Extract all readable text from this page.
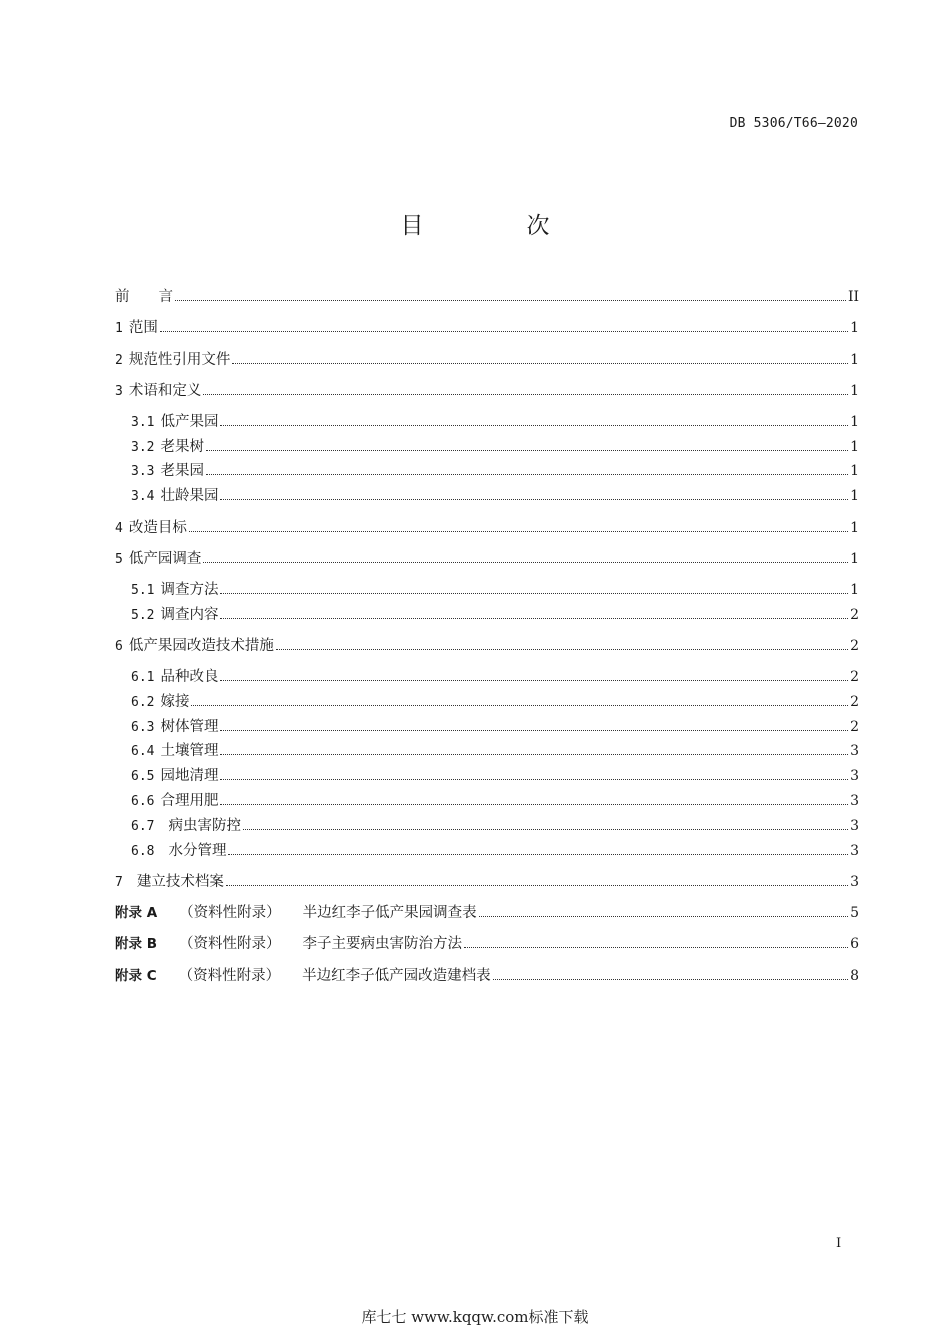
DB 5306/T66—2020
目　次
前　　言	II
1 范围	1
2 规范性引用文件	1
3 术语和定义	1
3.1 低产果园	1
3.2 老果树	1
3.3 老果园	1
3.4 壮龄果园	1
4 改造目标	1
5 低产园调查	1
5.1 调查方法	1
5.2 调查内容	2
6 低产果园改造技术措施	2
6.1 品种改良	2
6.2 嫁接	2
6.3 树体管理	2
6.4 土壤管理	3
6.5 园地清理	3
6.6 合理用肥	3
6.7 病虫害防控	3
6.8 水分管理	3
7 建立技术档案	3
附录 A （资料性附录） 半边红李子低产果园调查表	5
附录 B （资料性附录） 李子主要病虫害防治方法	6
附录 C （资料性附录） 半边红李子低产园改造建档表	8
I
库七七 www.kqqw.com标准下载
